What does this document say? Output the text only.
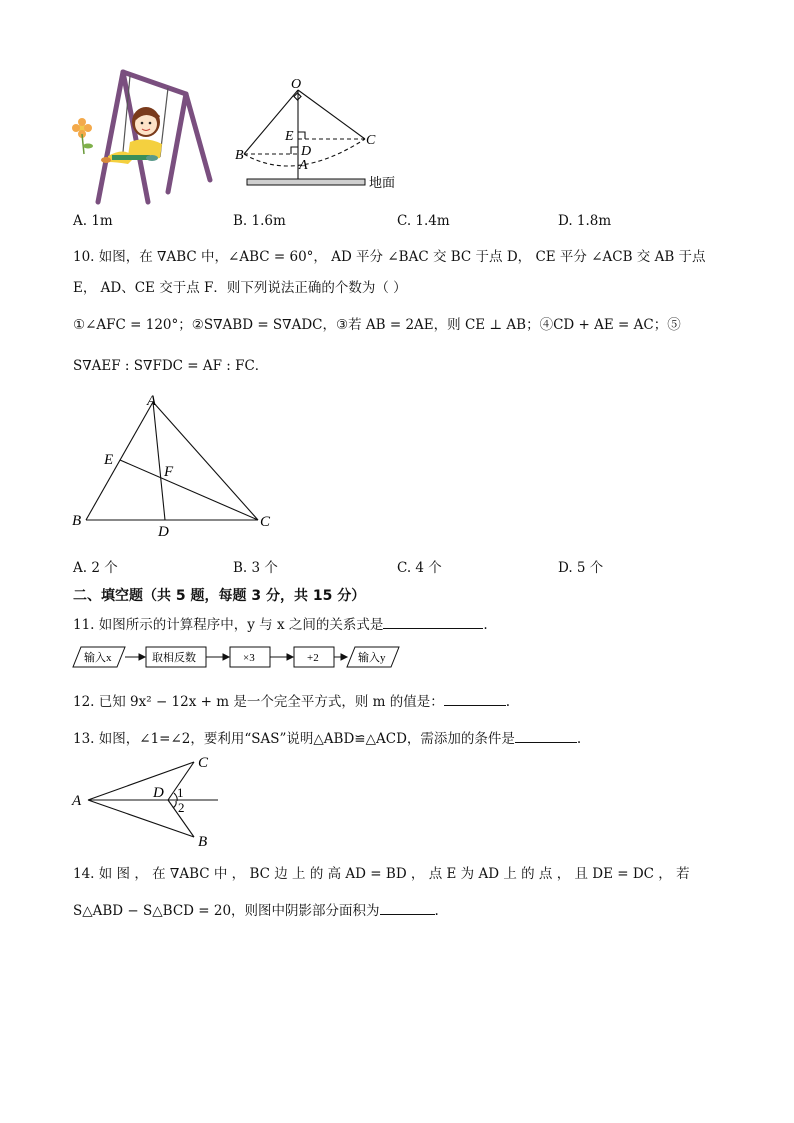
O
E
D
A
B
C
地面
A. 1m	B. 1.6m	C. 1.4m	D. 1.8m
10. 如图，在 ∇ABC 中，∠ABC = 60°， AD 平分 ∠BAC 交 BC 于点 D， CE 平分 ∠ACB 交 AB 于点
E， AD、CE 交于点 F．则下列说法正确的个数为（ ）
①∠AFC = 120°；②S∇ABD = S∇ADC，③若 AB = 2AE，则 CE ⊥ AB；④CD + AE = AC；⑤
S∇AEF : S∇FDC = AF : FC．
A
E
F
B
D
C
A. 2 个	B. 3 个	C. 4 个	D. 5 个
二、填空题（共 5 题，每题 3 分，共 15 分）
11. 如图所示的计算程序中，y 与 x 之间的关系式是	.
输入x	取相反数	×3	+2	输入y
12. 已知 9x² − 12x + m 是一个完全平方式，则 m 的值是：	.
13. 如图，∠1=∠2，要利用“SAS”说明△ABD≌△ACD，需添加的条件是	.
A
C
D 1
2
B
14. 如 图 ， 在 ∇ABC 中 ， BC 边 上 的 高 AD = BD ， 点 E 为 AD 上 的 点 ， 且 DE = DC ， 若
S△ABD − S△BCD = 20，则图中阴影部分面积为	.
